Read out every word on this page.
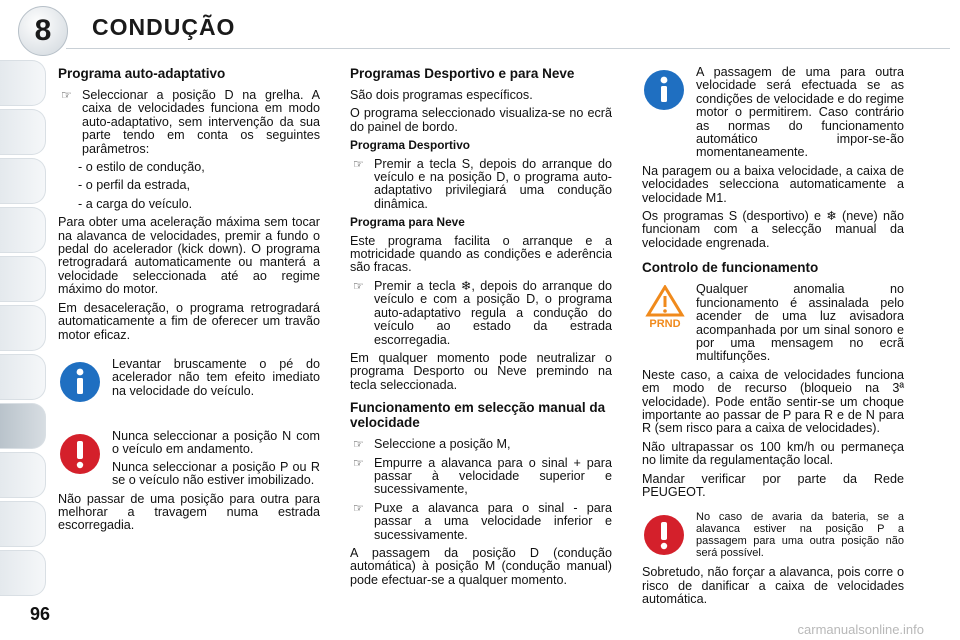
8	CONDUÇÃO
Programa auto-adaptativo
☞ Seleccionar a posição D na grelha. A caixa de velocidades funciona em modo auto-adaptativo, sem intervenção da sua parte tendo em conta os seguintes parâmetros:
- o estilo de condução,
- o perfil da estrada,
- a carga do veículo.

Para obter uma aceleração máxima sem tocar na alavanca de velocidades, premir a fundo o pedal do acelerador (kick down). O programa retrogradará automaticamente ou manterá a velocidade seleccionada até ao regime máximo do motor.

Em desaceleração, o programa retrogradará automaticamente a fim de oferecer um travão motor eficaz.

Levantar bruscamente o pé do acelerador não tem efeito imediato na velocidade do veículo.

Nunca seleccionar a posição N com o veículo em andamento.

Nunca seleccionar a posição P ou R se o veículo não estiver imobilizado.

Não passar de uma posição para outra para melhorar a travagem numa estrada escorregadia.

Programas Desportivo e para Neve

São dois programas específicos.

O programa seleccionado visualiza-se no ecrã do painel de bordo.

Programa Desportivo
☞ Premir a tecla S, depois do arranque do veículo e na posição D, o programa auto-adaptativo privilegiará uma condução dinâmica.
Programa para Neve

Este programa facilita o arranque e a motricidade quando as condições e aderência são fracas.

☞ Premir a tecla ❄, depois do arranque do veículo e com a posição D, o programa auto-adaptativo regula a condução do veículo ao estado da estrada escorregadia.

Em qualquer momento pode neutralizar o programa Desporto ou Neve premindo na tecla seleccionada.

Funcionamento em selecção manual da velocidade
☞ Seleccione a posição M,
☞ Empurre a alavanca para o sinal + para passar à velocidade superior e sucessivamente,
☞ Puxe a alavanca para o sinal - para passar a uma velocidade inferior e sucessivamente.

A passagem da posição D (condução automática) à posição M (condução manual) pode efectuar-se a qualquer momento.

A passagem de uma para outra velocidade será efectuada se as condições de velocidade e do regime motor o permitirem. Caso contrário as normas do funcionamento automático impor-se-ão momentaneamente.

Na paragem ou a baixa velocidade, a caixa de velocidades selecciona automaticamente a velocidade M1.

Os programas S (desportivo) e ❄ (neve) não funcionam com a selecção manual da velocidade engrenada.

Controlo de funcionamento
PRND

Qualquer anomalia no funcionamento é assinalada pelo acender de uma luz avisadora acompanhada por um sinal sonoro e por uma mensagem no ecrã multifunções.

Neste caso, a caixa de velocidades funciona em modo de recurso (bloqueio na 3ª velocidade). Pode então sentir-se um choque importante ao passar de P para R e de N para R (sem risco para a caixa de velocidades).

Não ultrapassar os 100 km/h ou permaneça no limite da regulamentação local.

Mandar verificar por parte da Rede PEUGEOT.

No caso de avaria da bateria, se a alavanca estiver na posição P a passagem para uma outra posição não será possível.

Sobretudo, não forçar a alavanca, pois corre o risco de danificar a caixa de velocidades automática.

96
carmanualsonline.info
